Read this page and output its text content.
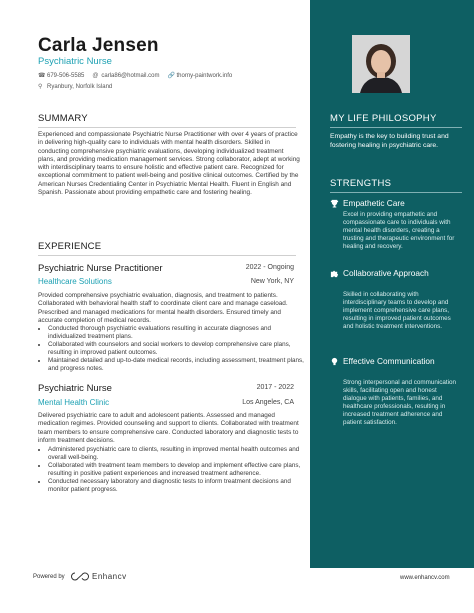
Carla Jensen
Psychiatric Nurse
☎ 679-506-5585 @ carla86@hotmail.com 🔗 thorny-paintwork.info
⚲ Ryanbury, Norfolk Island
SUMMARY
Experienced and compassionate Psychiatric Nurse Practitioner with over 4 years of practice in delivering high-quality care to individuals with mental health disorders. Skilled in conducting comprehensive psychiatric evaluations, developing individualized treatment plans, and providing medication management services. Strong collaborator, adept at working with interdisciplinary teams to ensure holistic and effective patient care. Recognized for exceptional commitment to patient well-being and positive clinical outcomes. Certified by the American Nurses Credentialing Center in Psychiatric Mental Health. Fluent in English and Spanish. Passionate about providing empathetic care and fostering healing.
EXPERIENCE
Psychiatric Nurse Practitioner	2022 - Ongoing
Healthcare Solutions	New York, NY
Provided comprehensive psychiatric evaluation, diagnosis, and treatment to patients. Collaborated with behavioral health staff to coordinate client care and manage caseload. Prescribed and managed medications for mental health disorders. Ensured timely and accurate completion of medical records.
• Conducted thorough psychiatric evaluations resulting in accurate diagnoses and individualized treatment plans.
• Collaborated with counselors and social workers to develop comprehensive care plans, resulting in improved patient outcomes.
• Maintained detailed and up-to-date medical records, including assessment, treatment plans, and progress notes.
Psychiatric Nurse	2017 - 2022
Mental Health Clinic	Los Angeles, CA
Delivered psychiatric care to adult and adolescent patients. Assessed and managed medication regimes. Provided counseling and support to clients. Collaborated with treatment team members to ensure comprehensive care. Conducted laboratory and diagnostic tests to inform treatment decisions.
• Administered psychiatric care to clients, resulting in improved mental health outcomes and overall well-being.
• Collaborated with treatment team members to develop and implement effective care plans, resulting in positive patient experiences and increased treatment adherence.
• Conducted necessary laboratory and diagnostic tests to inform treatment decisions and monitor patient progress.
MY LIFE PHILOSOPHY
Empathy is the key to building trust and fostering healing in psychiatric care.
STRENGTHS
Empathetic Care
Excel in providing empathetic and compassionate care to individuals with mental health disorders, creating a trusting and therapeutic environment for healing and recovery.
Collaborative Approach
Skilled in collaborating with interdisciplinary teams to develop and implement comprehensive care plans, resulting in improved patient outcomes and holistic treatment interventions.
Effective Communication
Strong interpersonal and communication skills, facilitating open and honest dialogue with patients, families, and healthcare professionals, resulting in increased treatment adherence and patient satisfaction.
Powered by	Enhancv	www.enhancv.com
